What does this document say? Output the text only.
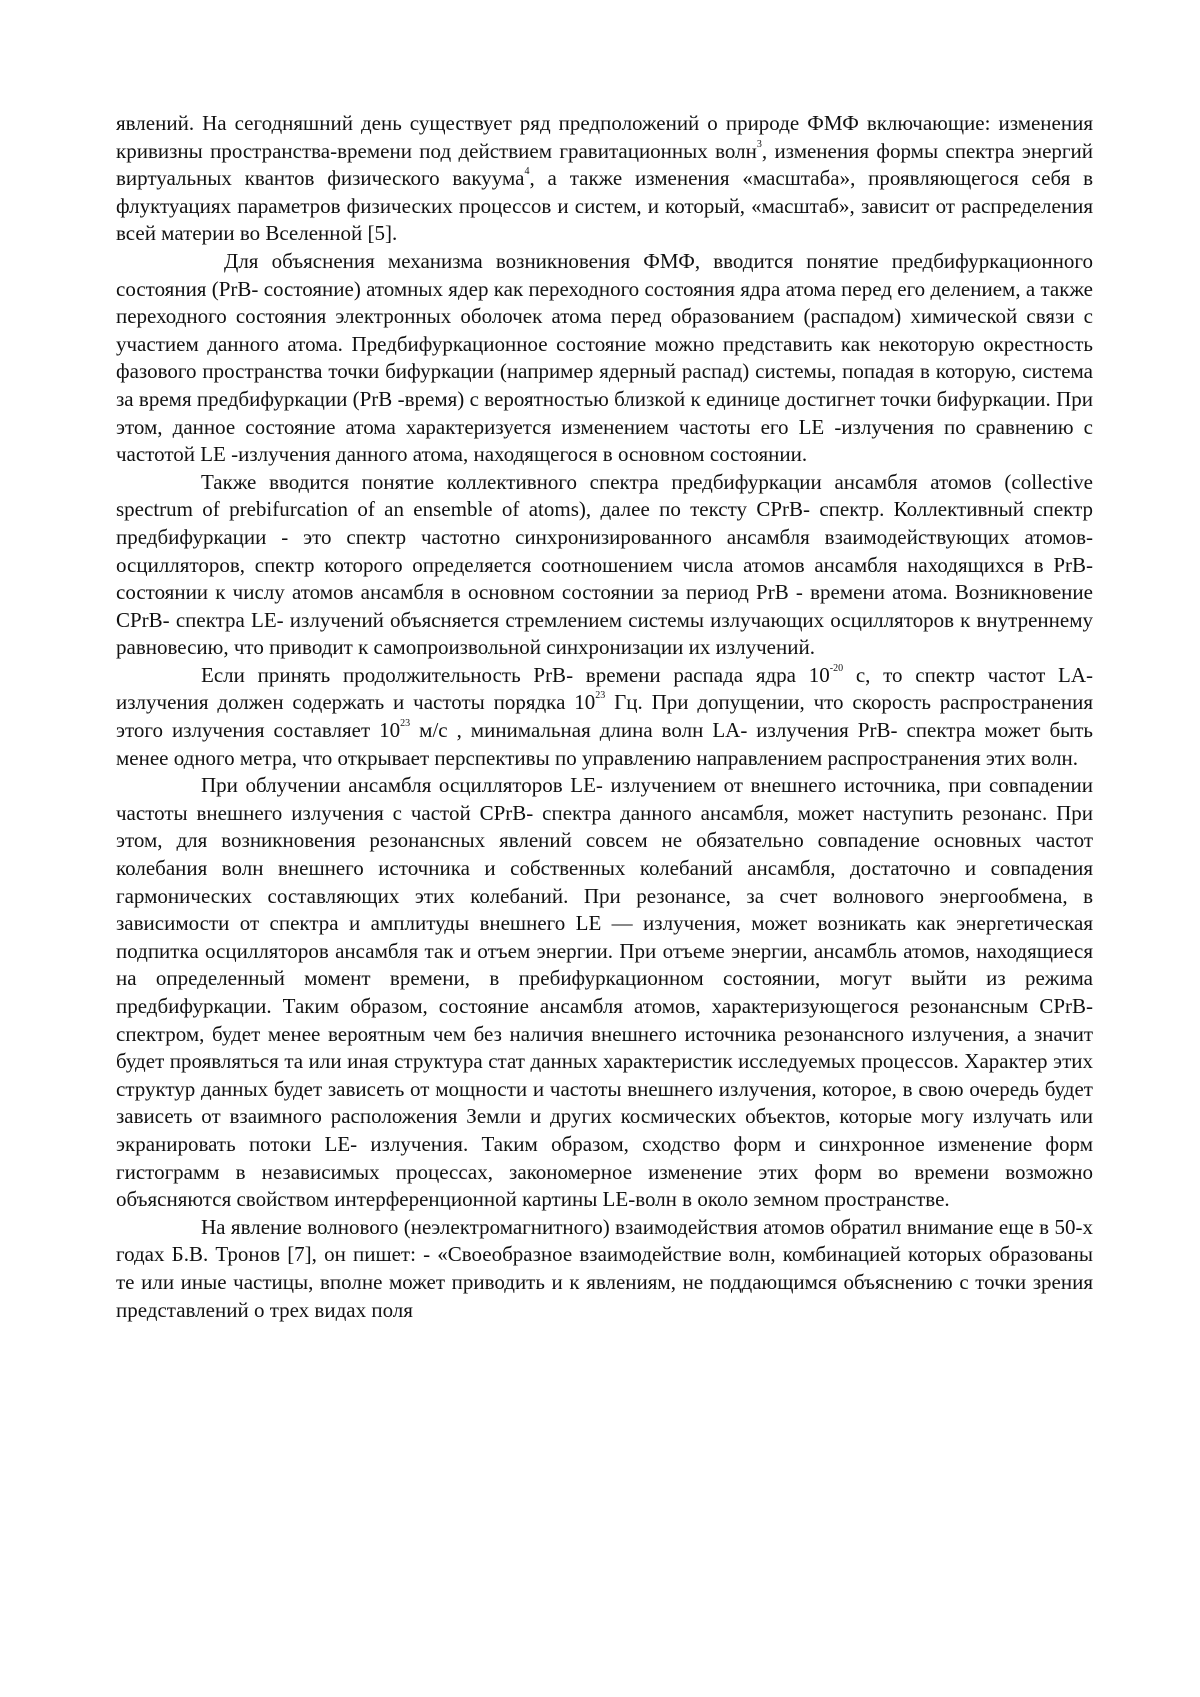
явлений. На сегодняшний день существует ряд предположений о природе ФМФ включающие: изменения кривизны пространства-времени под действием гравитационных волн$^3$, изменения формы спектра энергий виртуальных квантов физического вакуума$^4$, а также изменения «масштаба», проявляющегося себя в флуктуациях параметров физических процессов и систем, и который, «масштаб», зависит от распределения всей материи во Вселенной [5].

Для объяснения механизма возникновения ФМФ, вводится понятие предбифуркационного состояния (PrB- состояние) атомных ядер как переходного состояния ядра атома перед его делением, а также переходного состояния электронных оболочек атома перед образованием (распадом) химической связи с участием данного атома. Предбифуркационное состояние можно представить как некоторую окрестность фазового пространства точки бифуркации (например ядерный распад) системы, попадая в которую, система за время предбифуркации (PrB -время) с вероятностью близкой к единице достигнет точки бифуркации. При этом, данное состояние атома характеризуется изменением частоты его LE -излучения по сравнению с частотой LE -излучения данного атома, находящегося в основном состоянии.

Также вводится понятие коллективного спектра предбифуркации ансамбля атомов (collective spectrum of prebifurcation of an ensemble of atoms), далее по тексту CPrB- спектр. Коллективный спектр предбифуркации - это спектр частотно синхронизированного ансамбля взаимодействующих атомов-осцилляторов, спектр которого определяется соотношением числа атомов ансамбля находящихся в PrB- состоянии к числу атомов ансамбля в основном состоянии за период PrB - времени атома. Возникновение CPrB- спектра LE- излучений объясняется стремлением системы излучающих осцилляторов к внутреннему равновесию, что приводит к самопроизвольной синхронизации их излучений.

Если принять продолжительность PrB- времени распада ядра $10^{-20}$ с, то спектр частот LA- излучения должен содержать и частоты порядка $10^{23}$ Гц. При допущении, что скорость распространения этого излучения составляет $10^{23}$ м/с , минимальная длина волн LA- излучения PrB- спектра может быть менее одного метра, что открывает перспективы по управлению направлением распространения этих волн.

При облучении ансамбля осцилляторов LE- излучением от внешнего источника, при совпадении частоты внешнего излучения с частой CPrB- спектра данного ансамбля, может наступить резонанс. При этом, для возникновения резонансных явлений совсем не обязательно совпадение основных частот колебания волн внешнего источника и собственных колебаний ансамбля, достаточно и совпадения гармонических составляющих этих колебаний. При резонансе, за счет волнового энергообмена, в зависимости от спектра и амплитуды внешнего LE — излучения, может возникать как энергетическая подпитка осцилляторов ансамбля так и отъем энергии. При отъеме энергии, ансамбль атомов, находящиеся на определенный момент времени, в пребифуркационном состоянии, могут выйти из режима предбифуркации. Таким образом, состояние ансамбля атомов, характеризующегося резонансным CPrB- спектром, будет менее вероятным чем без наличия внешнего источника резонансного излучения, а значит будет проявляться та или иная структура стат данных характеристик исследуемых процессов. Характер этих структур данных будет зависеть от мощности и частоты внешнего излучения, которое, в свою очередь будет зависеть от взаимного расположения Земли и других космических объектов, которые могу излучать или экранировать потоки LE- излучения. Таким образом, сходство форм и синхронное изменение форм гистограмм в независимых процессах, закономерное изменение этих форм во времени возможно объясняются свойством интерференционной картины LE-волн в около земном пространстве.

На явление волнового (неэлектромагнитного) взаимодействия атомов обратил внимание еще в 50-х годах Б.В. Тронов [7], он пишет: - «Своеобразное взаимодействие волн, комбинацией которых образованы те или иные частицы, вполне может приводить и к явлениям, не поддающимся объяснению с точки зрения представлений о трех видах поля
